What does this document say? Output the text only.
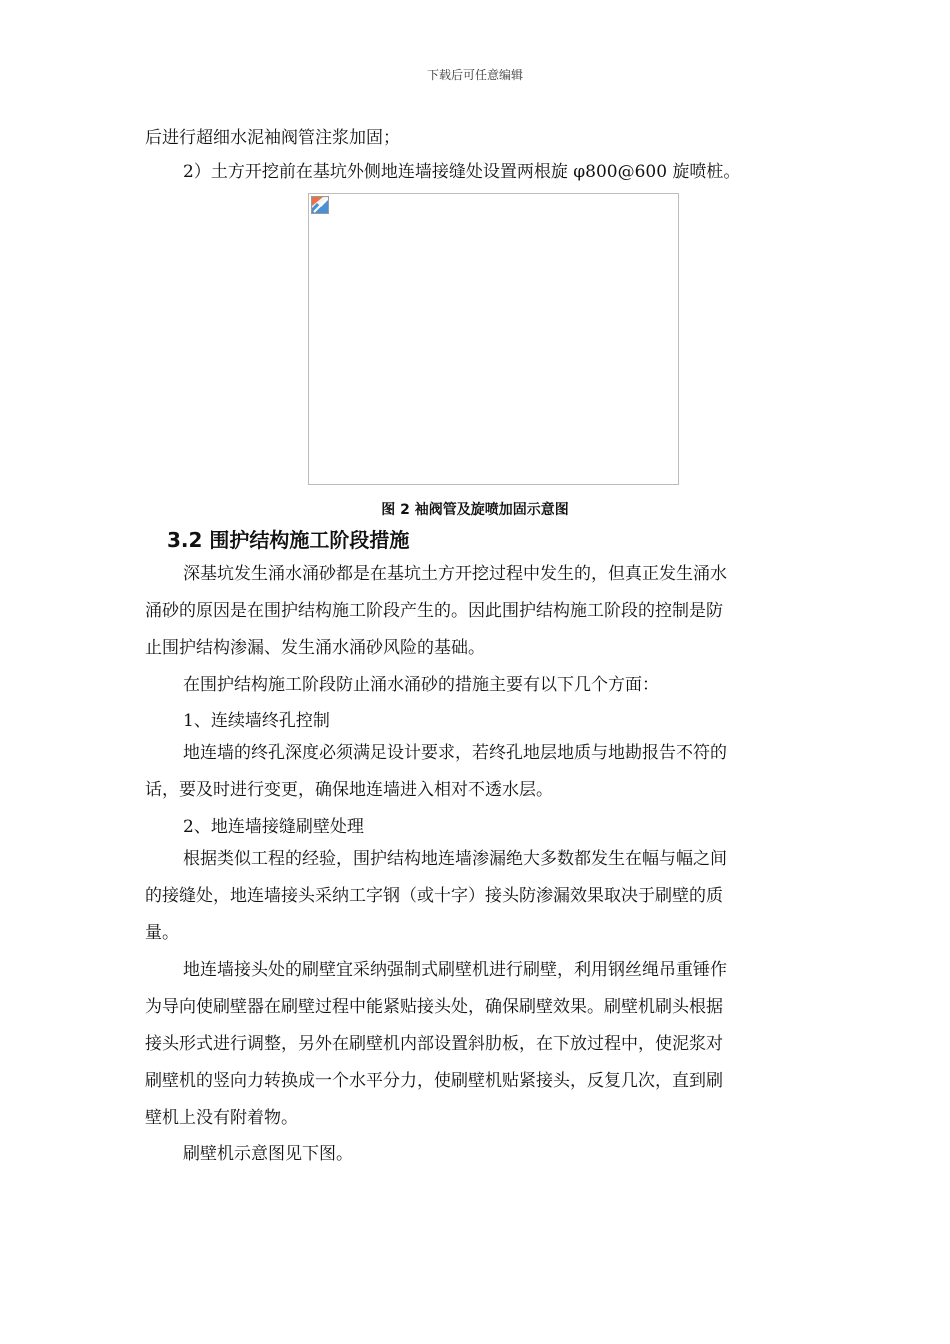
下载后可任意编辑
后进行超细水泥袖阀管注浆加固；
2）土方开挖前在基坑外侧地连墙接缝处设置两根旋 φ800@600 旋喷桩。
图 2 袖阀管及旋喷加固示意图
3.2 围护结构施工阶段措施
深基坑发生涌水涌砂都是在基坑土方开挖过程中发生的，但真正发生涌水
涌砂的原因是在围护结构施工阶段产生的。因此围护结构施工阶段的控制是防
止围护结构渗漏、发生涌水涌砂风险的基础。
在围护结构施工阶段防止涌水涌砂的措施主要有以下几个方面：
1、连续墙终孔控制
地连墙的终孔深度必须满足设计要求，若终孔地层地质与地勘报告不符的
话，要及时进行变更，确保地连墙进入相对不透水层。
2、地连墙接缝刷壁处理
根据类似工程的经验，围护结构地连墙渗漏绝大多数都发生在幅与幅之间
的接缝处，地连墙接头采纳工字钢（或十字）接头防渗漏效果取决于刷壁的质
量。
地连墙接头处的刷壁宜采纳强制式刷壁机进行刷壁，利用钢丝绳吊重锤作
为导向使刷壁器在刷壁过程中能紧贴接头处，确保刷壁效果。刷壁机刷头根据
接头形式进行调整，另外在刷壁机内部设置斜肋板，在下放过程中，使泥浆对
刷壁机的竖向力转换成一个水平分力，使刷壁机贴紧接头，反复几次，直到刷
壁机上没有附着物。
刷壁机示意图见下图。
